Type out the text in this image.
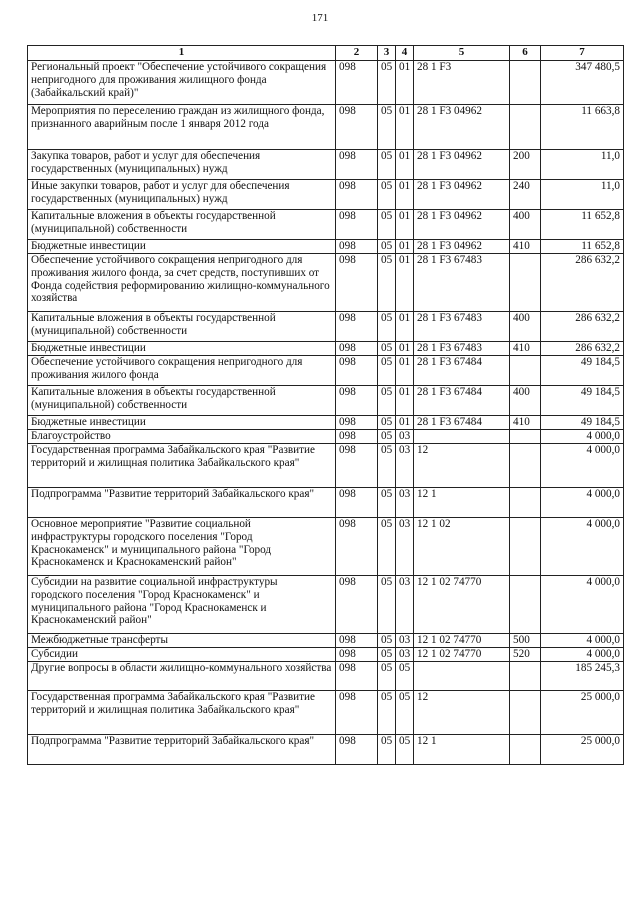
171
1	2	3	4	5	6	7
Региональный проект "Обеспечение устойчивого сокращения непригодного для проживания жилищного фонда (Забайкальский край)"	098	05	01	28 1 F3		347 480,5
Мероприятия по переселению граждан из жилищного фонда, признанного аварийным после 1 января 2012 года	098	05	01	28 1 F3 04962		11 663,8
Закупка товаров, работ и услуг для обеспечения государственных (муниципальных) нужд	098	05	01	28 1 F3 04962	200	11,0
Иные закупки товаров, работ и услуг для обеспечения государственных (муниципальных) нужд	098	05	01	28 1 F3 04962	240	11,0
Капитальные вложения в объекты государственной (муниципальной) собственности	098	05	01	28 1 F3 04962	400	11 652,8
Бюджетные инвестиции	098	05	01	28 1 F3 04962	410	11 652,8
Обеспечение устойчивого сокращения непригодного для проживания жилого фонда, за счет средств, поступивших от Фонда содействия реформированию жилищно-коммунального хозяйства	098	05	01	28 1 F3 67483		286 632,2
Капитальные вложения в объекты государственной (муниципальной) собственности	098	05	01	28 1 F3 67483	400	286 632,2
Бюджетные инвестиции	098	05	01	28 1 F3 67483	410	286 632,2
Обеспечение устойчивого сокращения непригодного для проживания жилого фонда	098	05	01	28 1 F3 67484		49 184,5
Капитальные вложения в объекты государственной (муниципальной) собственности	098	05	01	28 1 F3 67484	400	49 184,5
Бюджетные инвестиции	098	05	01	28 1 F3 67484	410	49 184,5
Благоустройство	098	05	03			4 000,0
Государственная программа Забайкальского края "Развитие территорий и жилищная политика Забайкальского края"	098	05	03	12		4 000,0
Подпрограмма "Развитие территорий Забайкальского края"	098	05	03	12 1		4 000,0
Основное мероприятие "Развитие социальной инфраструктуры городского поселения "Город Краснокаменск" и муниципального района "Город Краснокаменск и Краснокаменский район"	098	05	03	12 1 02		4 000,0
Субсидии на развитие социальной инфраструктуры городского поселения "Город Краснокаменск" и муниципального района "Город Краснокаменск и Краснокаменский район"	098	05	03	12 1 02 74770		4 000,0
Межбюджетные трансферты	098	05	03	12 1 02 74770	500	4 000,0
Субсидии	098	05	03	12 1 02 74770	520	4 000,0
Другие вопросы в области жилищно-коммунального хозяйства	098	05	05			185 245,3
Государственная программа Забайкальского края "Развитие территорий и жилищная политика Забайкальского края"	098	05	05	12		25 000,0
Подпрограмма "Развитие территорий Забайкальского края"	098	05	05	12 1		25 000,0
